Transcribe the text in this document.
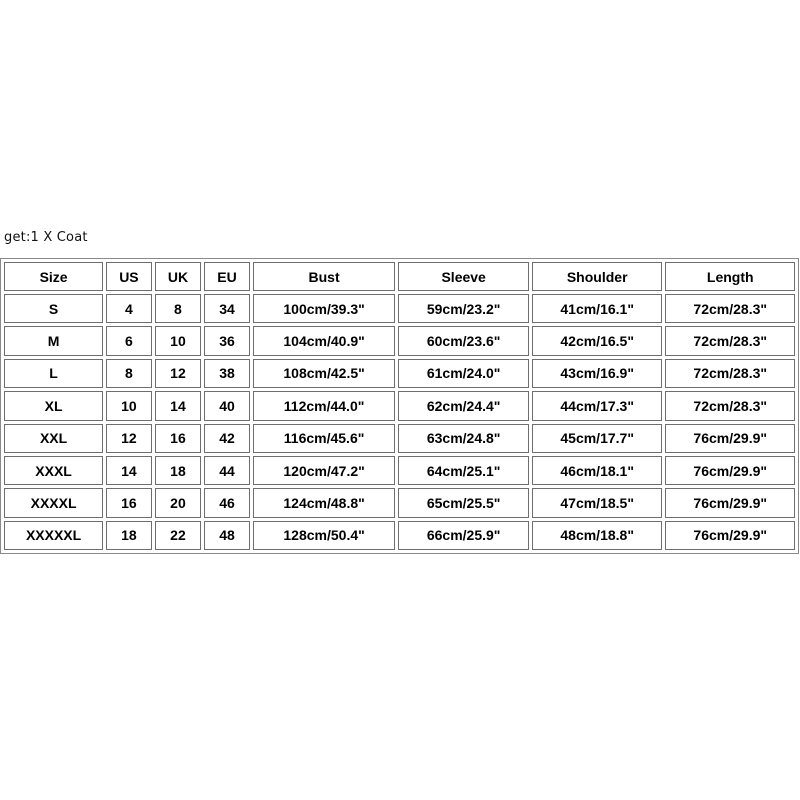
get:1 X Coat
Size	US	UK	EU	Bust	Sleeve	Shoulder	Length
S	4	8	34	100cm/39.3"	59cm/23.2"	41cm/16.1"	72cm/28.3"
M	6	10	36	104cm/40.9"	60cm/23.6"	42cm/16.5"	72cm/28.3"
L	8	12	38	108cm/42.5"	61cm/24.0"	43cm/16.9"	72cm/28.3"
XL	10	14	40	112cm/44.0"	62cm/24.4"	44cm/17.3"	72cm/28.3"
XXL	12	16	42	116cm/45.6"	63cm/24.8"	45cm/17.7"	76cm/29.9"
XXXL	14	18	44	120cm/47.2"	64cm/25.1"	46cm/18.1"	76cm/29.9"
XXXXL	16	20	46	124cm/48.8"	65cm/25.5"	47cm/18.5"	76cm/29.9"
XXXXXL	18	22	48	128cm/50.4"	66cm/25.9"	48cm/18.8"	76cm/29.9"
